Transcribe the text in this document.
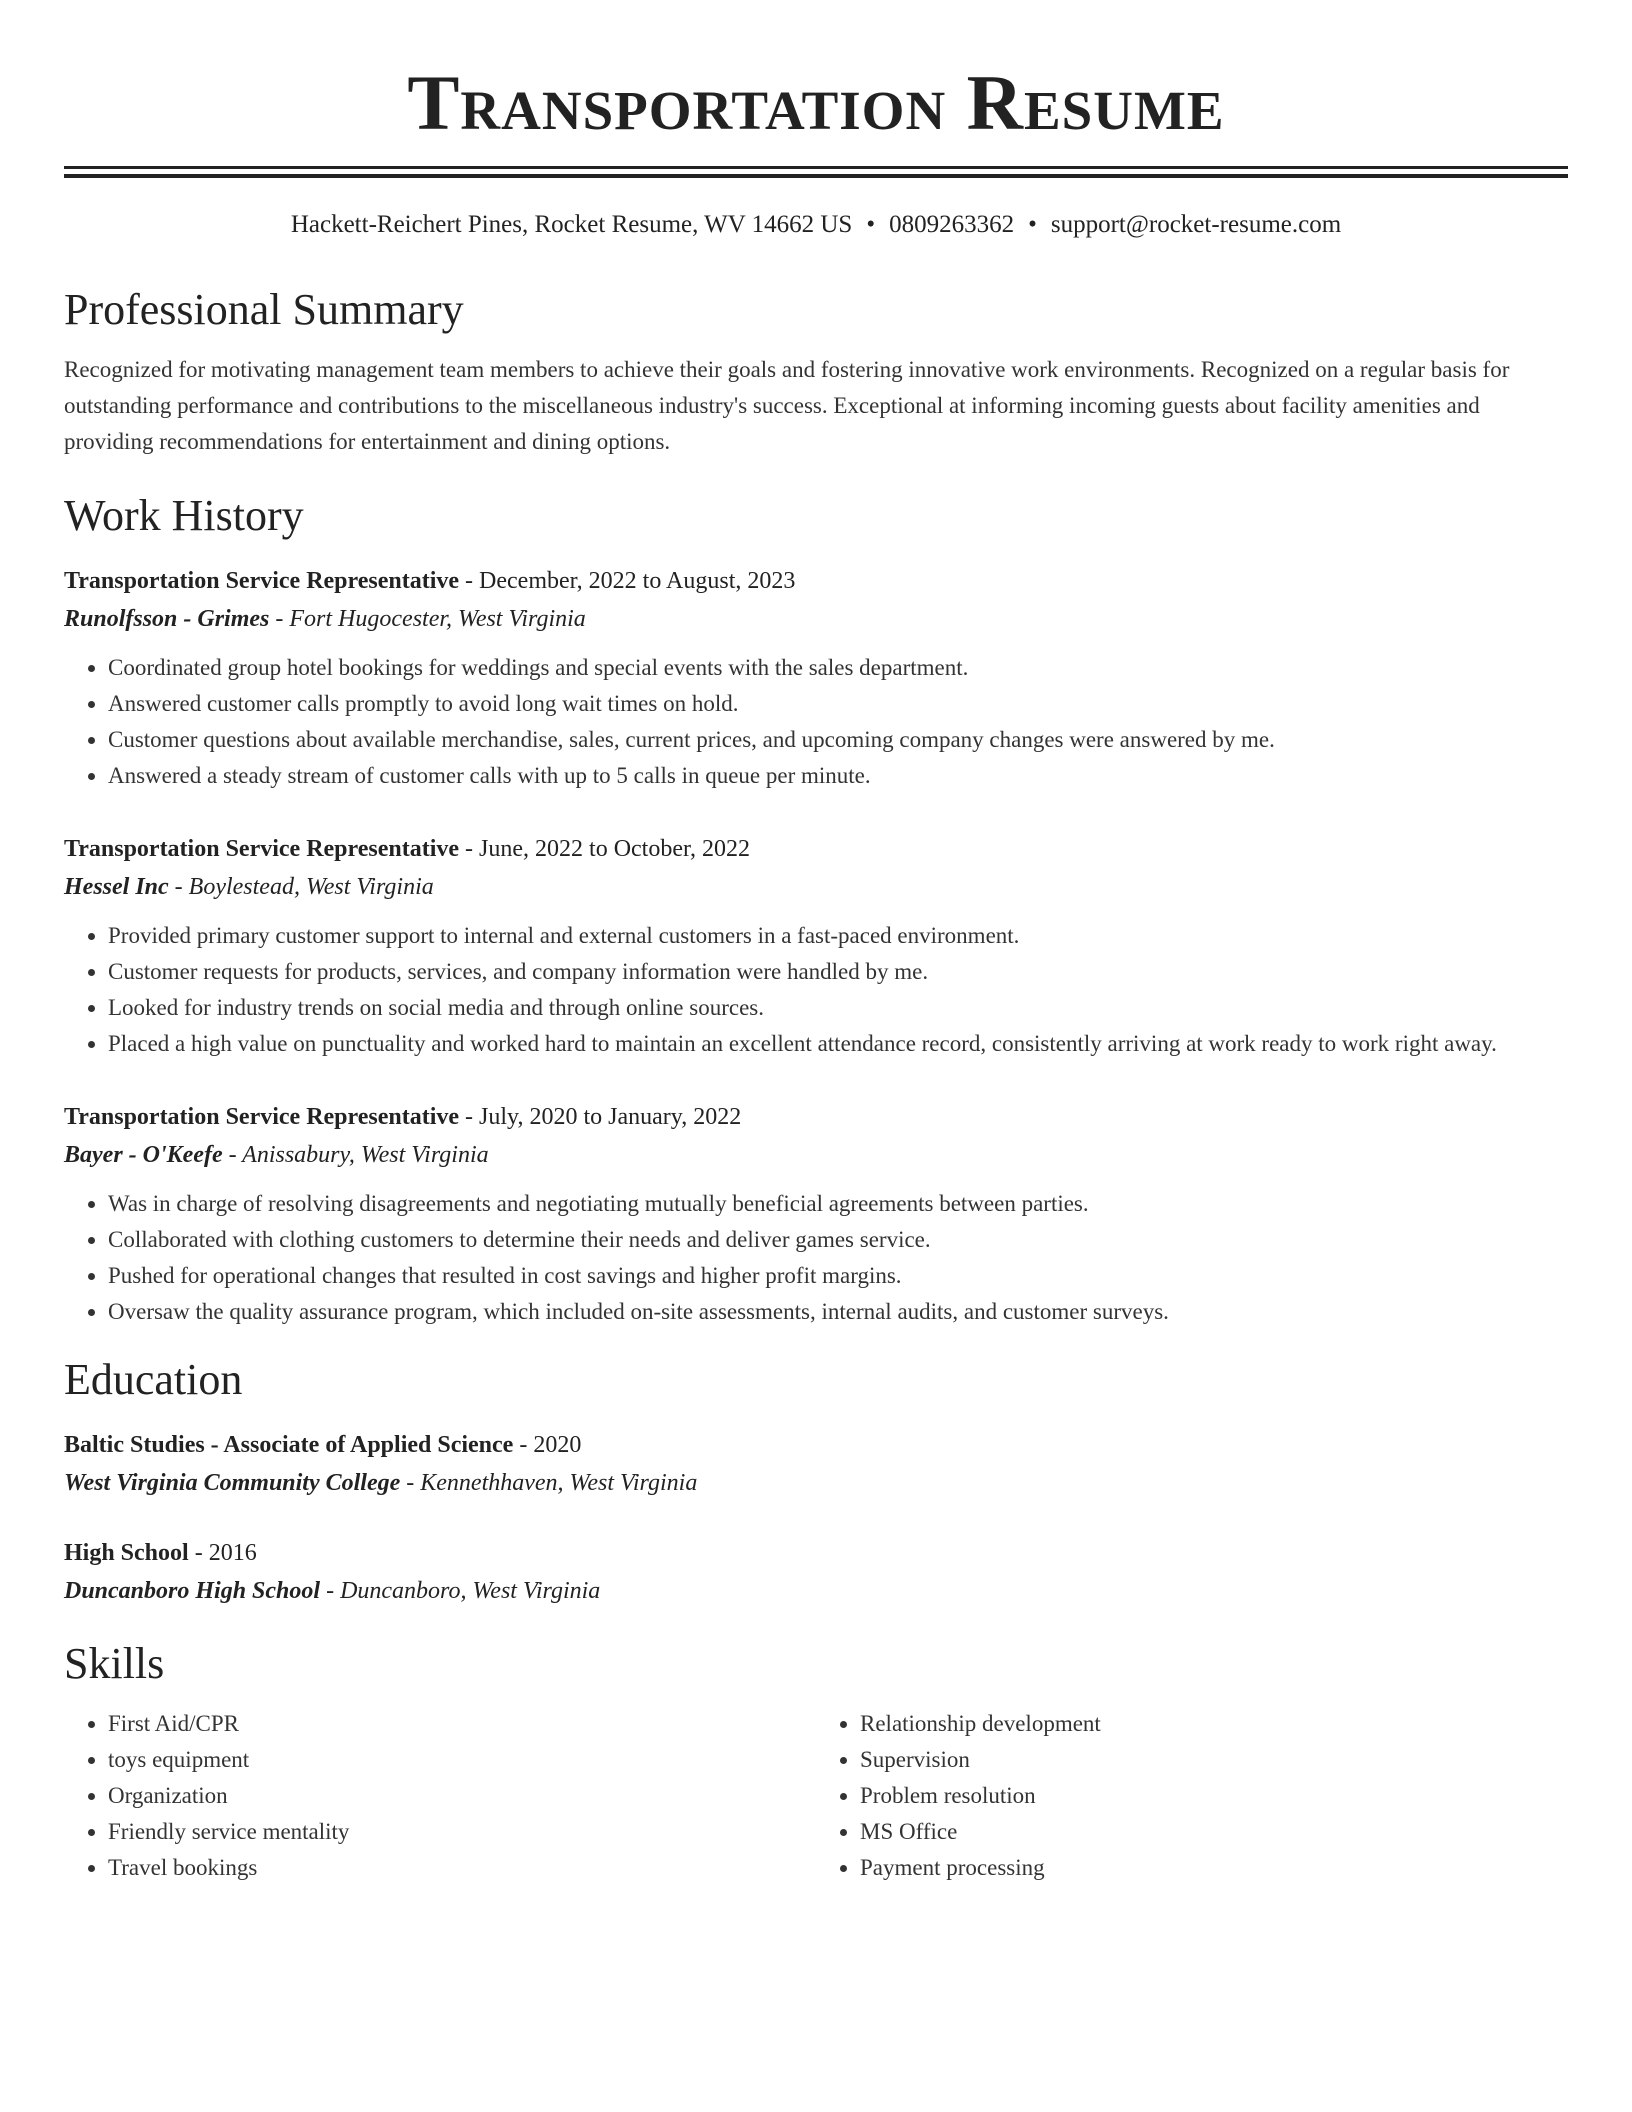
Transportation Resume
Hackett-Reichert Pines, Rocket Resume, WV 14662 US • 0809263362 • support@rocket-resume.com
Professional Summary
Recognized for motivating management team members to achieve their goals and fostering innovative work environments. Recognized on a regular basis for outstanding performance and contributions to the miscellaneous industry's success. Exceptional at informing incoming guests about facility amenities and providing recommendations for entertainment and dining options.
Work History
Transportation Service Representative - December, 2022 to August, 2023
Runolfsson - Grimes - Fort Hugocester, West Virginia
• Coordinated group hotel bookings for weddings and special events with the sales department.
• Answered customer calls promptly to avoid long wait times on hold.
• Customer questions about available merchandise, sales, current prices, and upcoming company changes were answered by me.
• Answered a steady stream of customer calls with up to 5 calls in queue per minute.
Transportation Service Representative - June, 2022 to October, 2022
Hessel Inc - Boylestead, West Virginia
• Provided primary customer support to internal and external customers in a fast-paced environment.
• Customer requests for products, services, and company information were handled by me.
• Looked for industry trends on social media and through online sources.
• Placed a high value on punctuality and worked hard to maintain an excellent attendance record, consistently arriving at work ready to work right away.
Transportation Service Representative - July, 2020 to January, 2022
Bayer - O'Keefe - Anissabury, West Virginia
• Was in charge of resolving disagreements and negotiating mutually beneficial agreements between parties.
• Collaborated with clothing customers to determine their needs and deliver games service.
• Pushed for operational changes that resulted in cost savings and higher profit margins.
• Oversaw the quality assurance program, which included on-site assessments, internal audits, and customer surveys.
Education
Baltic Studies - Associate of Applied Science - 2020
West Virginia Community College - Kennethhaven, West Virginia
High School - 2016
Duncanboro High School - Duncanboro, West Virginia
Skills
• First Aid/CPR
• toys equipment
• Organization
• Friendly service mentality
• Travel bookings
• Relationship development
• Supervision
• Problem resolution
• MS Office
• Payment processing
